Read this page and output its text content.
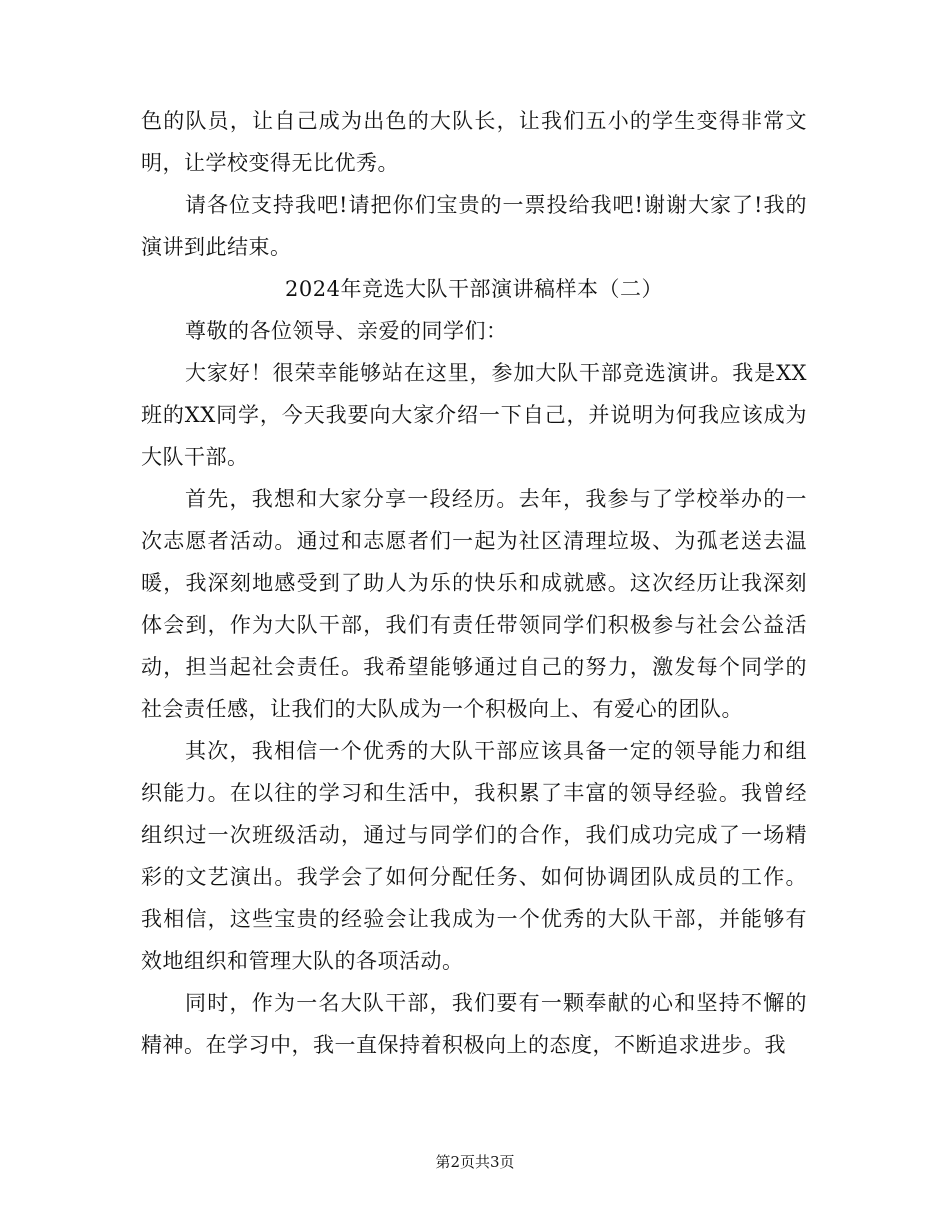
色的队员，让自己成为出色的大队长，让我们五小的学生变得非常文明，让学校变得无比优秀。

请各位支持我吧!请把你们宝贵的一票投给我吧!谢谢大家了!我的演讲到此结束。

2024年竞选大队干部演讲稿样本（二）

尊敬的各位领导、亲爱的同学们：

大家好！很荣幸能够站在这里，参加大队干部竞选演讲。我是XX班的XX同学，今天我要向大家介绍一下自己，并说明为何我应该成为大队干部。

首先，我想和大家分享一段经历。去年，我参与了学校举办的一次志愿者活动。通过和志愿者们一起为社区清理垃圾、为孤老送去温暖，我深刻地感受到了助人为乐的快乐和成就感。这次经历让我深刻体会到，作为大队干部，我们有责任带领同学们积极参与社会公益活动，担当起社会责任。我希望能够通过自己的努力，激发每个同学的社会责任感，让我们的大队成为一个积极向上、有爱心的团队。

其次，我相信一个优秀的大队干部应该具备一定的领导能力和组织能力。在以往的学习和生活中，我积累了丰富的领导经验。我曾经组织过一次班级活动，通过与同学们的合作，我们成功完成了一场精彩的文艺演出。我学会了如何分配任务、如何协调团队成员的工作。我相信，这些宝贵的经验会让我成为一个优秀的大队干部，并能够有效地组织和管理大队的各项活动。

同时，作为一名大队干部，我们要有一颗奉献的心和坚持不懈的精神。在学习中，我一直保持着积极向上的态度，不断追求进步。我

第2页共3页
